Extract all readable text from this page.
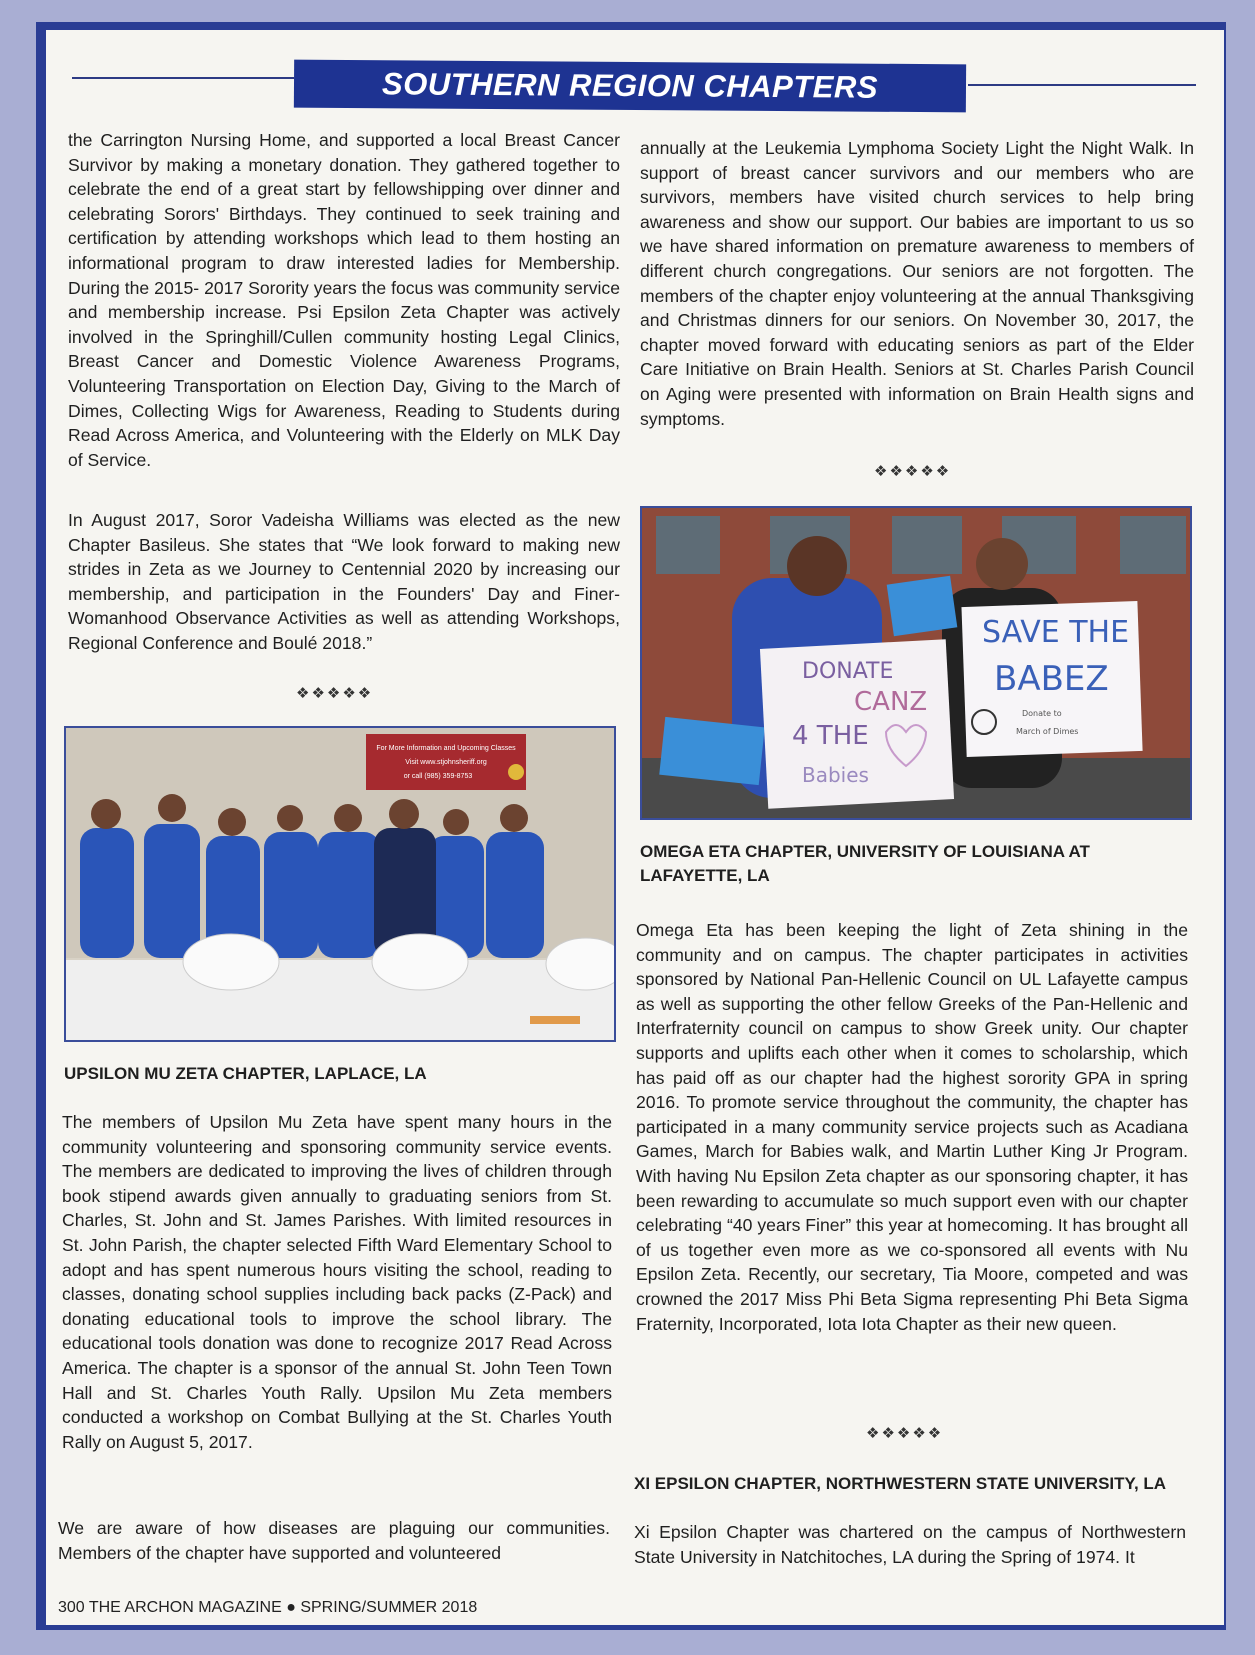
SOUTHERN REGION CHAPTERS
the Carrington Nursing Home, and supported a local Breast Cancer Survivor by making a monetary donation. They gathered together to celebrate the end of a great start by fellowshipping over dinner and celebrating Sorors' Birthdays. They continued to seek training and certification by attending workshops which lead to them hosting an informational program to draw interested ladies for Membership. During the 2015- 2017 Sorority years the focus was community service and membership increase. Psi Epsilon Zeta Chapter was actively involved in the Springhill/Cullen community hosting Legal Clinics, Breast Cancer and Domestic Violence Awareness Programs, Volunteering Transportation on Election Day, Giving to the March of Dimes, Collecting Wigs for Awareness, Reading to Students during Read Across America, and Volunteering with the Elderly on MLK Day of Service.
In August 2017, Soror Vadeisha Williams was elected as the new Chapter Basileus. She states that “We look forward to making new strides in Zeta as we Journey to Centennial 2020 by increasing our membership, and participation in the Founders' Day and Finer-Womanhood Observance Activities as well as attending Workshops, Regional Conference and Boulé 2018.”
❖❖❖❖❖
For More Information and Upcoming Classes
Visit www.stjohnsheriff.org
or call (985) 359-8753
UPSILON MU ZETA CHAPTER, LAPLACE, LA
The members of Upsilon Mu Zeta have spent many hours in the community volunteering and sponsoring community service events. The members are dedicated to improving the lives of children through book stipend awards given annually to graduating seniors from St. Charles, St. John and St. James Parishes. With limited resources in St. John Parish, the chapter selected Fifth Ward Elementary School to adopt and has spent numerous hours visiting the school, reading to classes, donating school supplies including back packs (Z-Pack) and donating educational tools to improve the school library. The educational tools donation was done to recognize 2017 Read Across America. The chapter is a sponsor of the annual St. John Teen Town Hall and St. Charles Youth Rally. Upsilon Mu Zeta members conducted a workshop on Combat Bullying at the St. Charles Youth Rally on August 5, 2017.
We are aware of how diseases are plaguing our communities. Members of the chapter have supported and volunteered
annually at the Leukemia Lymphoma Society Light the Night Walk. In support of breast cancer survivors and our members who are survivors, members have visited church services to help bring awareness and show our support. Our babies are important to us so we have shared information on premature awareness to members of different church congregations. Our seniors are not forgotten. The members of the chapter enjoy volunteering at the annual Thanksgiving and Christmas dinners for our seniors. On November 30, 2017, the chapter moved forward with educating seniors as part of the Elder Care Initiative on Brain Health. Seniors at St. Charles Parish Council on Aging were presented with information on Brain Health signs and symptoms.
❖❖❖❖❖
DONATE
CANZ
4 THE
Babies
SAVE THE
BABEZ
Donate to
March of Dimes
OMEGA ETA CHAPTER, UNIVERSITY OF LOUISIANA AT LAFAYETTE, LA
Omega Eta has been keeping the light of Zeta shining in the community and on campus. The chapter participates in activities sponsored by National Pan-Hellenic Council on UL Lafayette campus as well as supporting the other fellow Greeks of the Pan-Hellenic and Interfraternity council on campus to show Greek unity. Our chapter supports and uplifts each other when it comes to scholarship, which has paid off as our chapter had the highest sorority GPA in spring 2016. To promote service throughout the community, the chapter has participated in a many community service projects such as Acadiana Games, March for Babies walk, and Martin Luther King Jr Program. With having Nu Epsilon Zeta chapter as our sponsoring chapter, it has been rewarding to accumulate so much support even with our chapter celebrating “40 years Finer” this year at homecoming. It has brought all of us together even more as we co-sponsored all events with Nu Epsilon Zeta. Recently, our secretary, Tia Moore, competed and was crowned the 2017 Miss Phi Beta Sigma representing Phi Beta Sigma Fraternity, Incorporated, Iota Iota Chapter as their new queen.
❖❖❖❖❖
XI EPSILON CHAPTER, NORTHWESTERN STATE UNIVERSITY, LA
Xi Epsilon Chapter was chartered on the campus of Northwestern State University in Natchitoches, LA during the Spring of 1974. It
300 THE ARCHON MAGAZINE ● SPRING/SUMMER 2018
